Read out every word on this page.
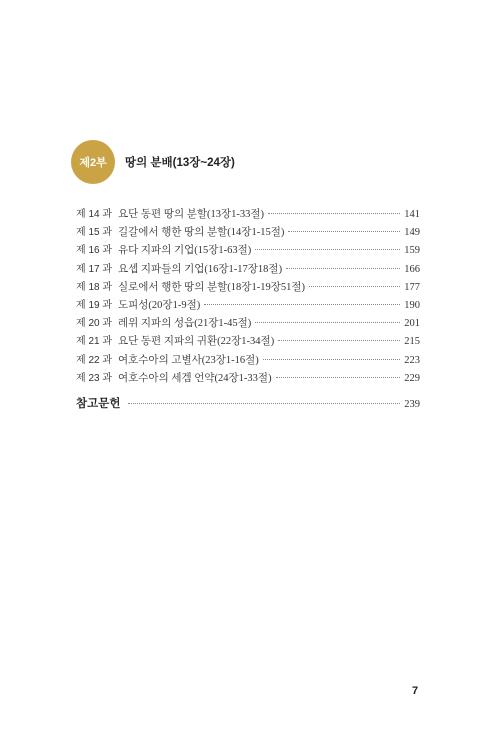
제2부	땅의 분배(13장~24장)
제 14 과 요단 동편 땅의 분할(13장1-33절)	141
제 15 과 길갈에서 행한 땅의 분할(14장1-15절)	149
제 16 과 유다 지파의 기업(15장1-63절)	159
제 17 과 요셉 지파들의 기업(16장1-17장18절)	166
제 18 과 실로에서 행한 땅의 분할(18장1-19장51절)	177
제 19 과 도피성(20장1-9절)	190
제 20 과 레위 지파의 성읍(21장1-45절)	201
제 21 과 요단 동편 지파의 귀환(22장1-34절)	215
제 22 과 여호수아의 고별사(23장1-16절)	223
제 23 과 여호수아의 세겜 언약(24장1-33절)	229
참고문헌	239
7
